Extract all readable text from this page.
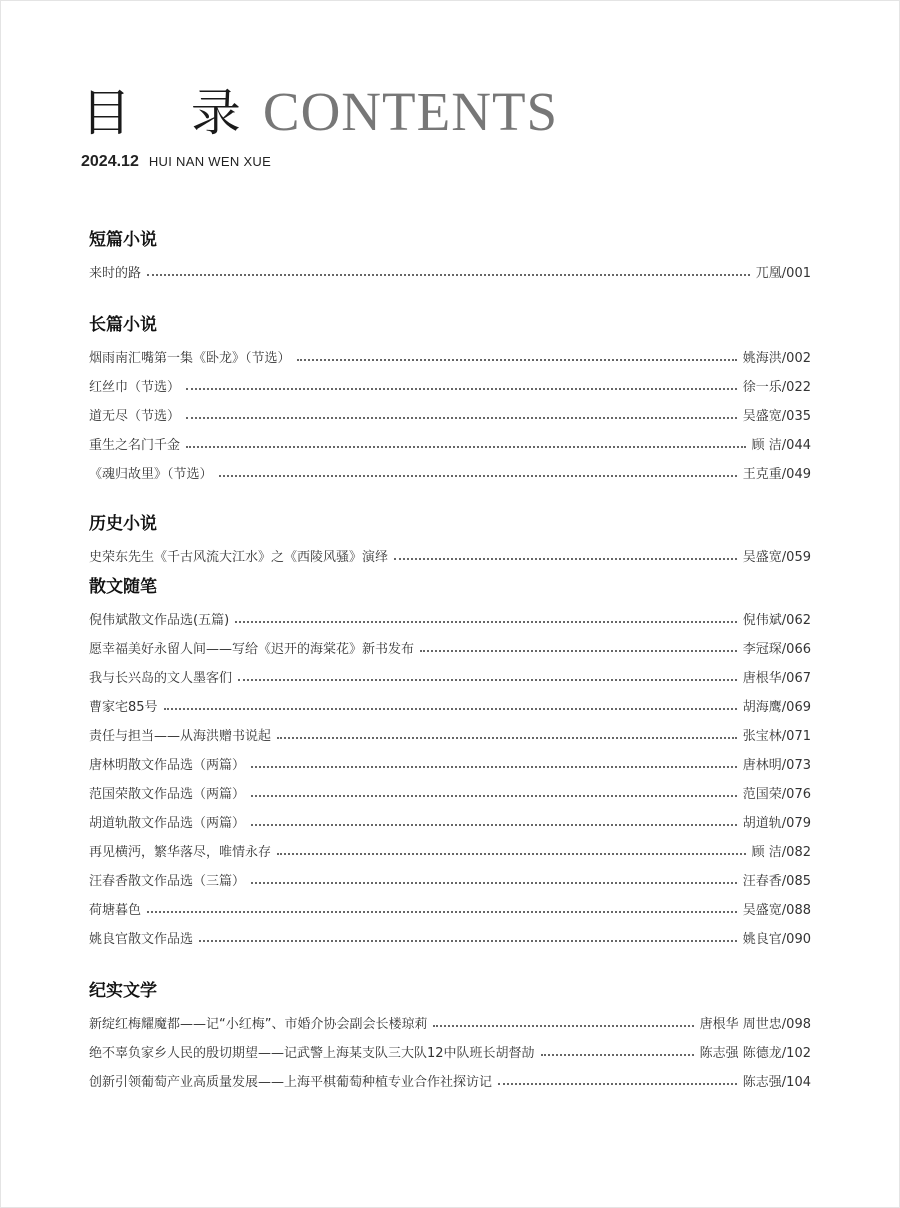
目 录 CONTENTS
2024.12 HUI NAN WEN XUE
短篇小说
来时的路	兀凰/001
长篇小说
烟雨南汇嘴第一集《卧龙》（节选）	姚海洪/002
红丝巾（节选）	徐一乐/022
道无尽（节选）	吴盛宽/035
重生之名门千金	顾 洁/044
《魂归故里》（节选）	王克重/049
历史小说
史荣东先生《千古风流大江水》之《西陵风骚》演绎	吴盛宽/059
散文随笔
倪伟斌散文作品选(五篇)	倪伟斌/062
愿幸福美好永留人间——写给《迟开的海棠花》新书发布	李冠琛/066
我与长兴岛的文人墨客们	唐根华/067
曹家宅85号	胡海鹰/069
责任与担当——从海洪赠书说起	张宝林/071
唐林明散文作品选（两篇）	唐林明/073
范国荣散文作品选（两篇）	范国荣/076
胡道轨散文作品选（两篇）	胡道轨/079
再见横沔，繁华落尽，唯情永存	顾 洁/082
汪春香散文作品选（三篇）	汪春香/085
荷塘暮色	吴盛宽/088
姚良官散文作品选	姚良官/090
纪实文学
新绽红梅耀魔都——记“小红梅”、市婚介协会副会长楼琼莉	唐根华 周世忠/098
绝不辜负家乡人民的殷切期望——记武警上海某支队三大队12中队班长胡督劼	陈志强 陈德龙/102
创新引领葡萄产业高质量发展——上海平棋葡萄种植专业合作社探访记	陈志强/104
